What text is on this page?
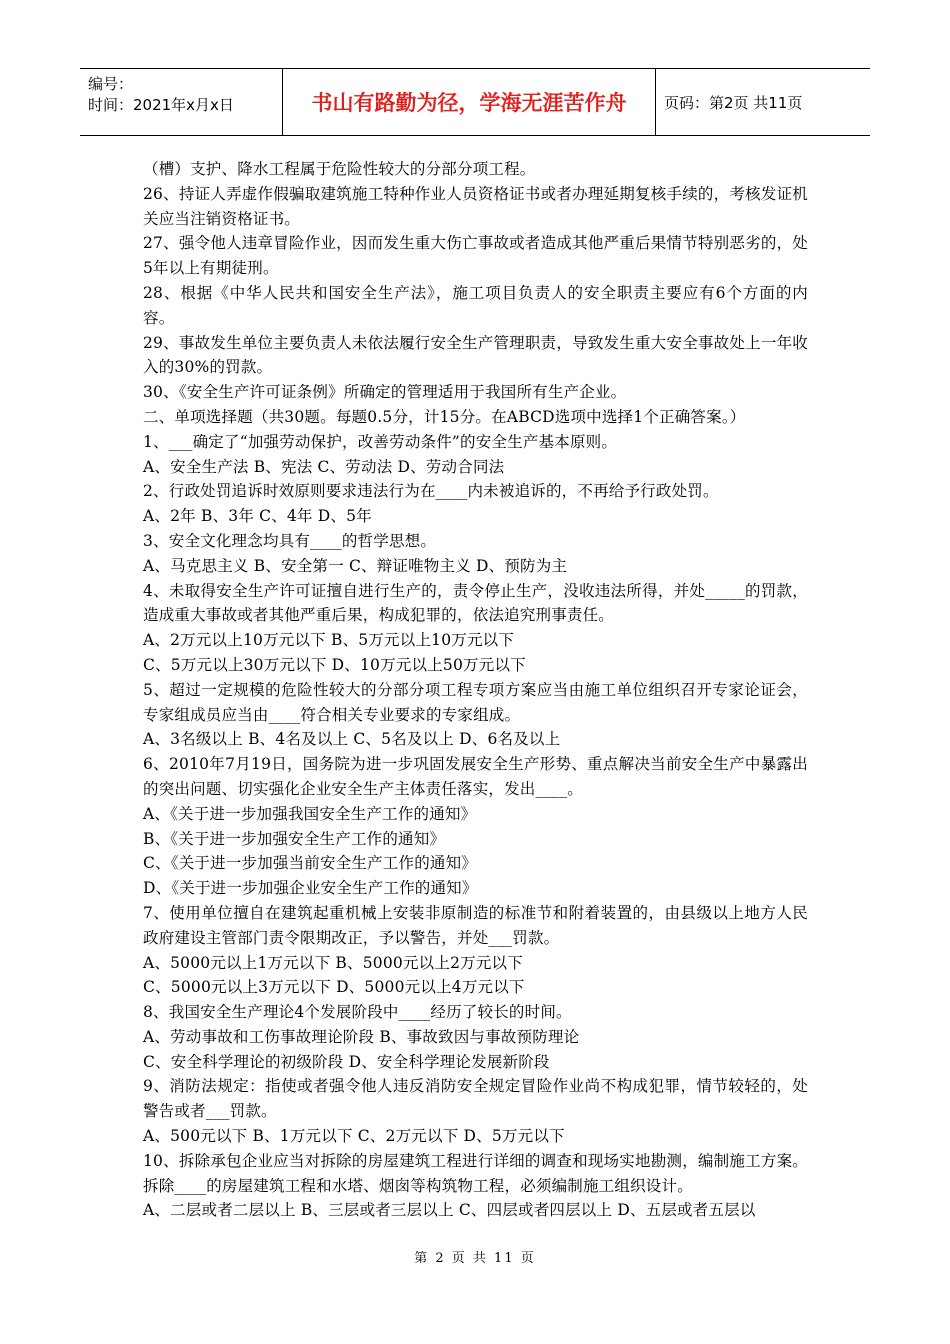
编号：
时间：2021年x月x日	书山有路勤为径，学海无涯苦作舟	页码：第2页 共11页

（槽）支护、降水工程属于危险性较大的分部分项工程。

26、持证人弄虚作假骗取建筑施工特种作业人员资格证书或者办理延期复核手续的，考核发证机关应当注销资格证书。

27、强令他人违章冒险作业，因而发生重大伤亡事故或者造成其他严重后果情节特别恶劣的，处5年以上有期徒刑。

28、根据《中华人民共和国安全生产法》，施工项目负责人的安全职责主要应有6个方面的内容。

29、事故发生单位主要负责人未依法履行安全生产管理职责，导致发生重大安全事故处上一年收入的30%的罚款。

30、《安全生产许可证条例》所确定的管理适用于我国所有生产企业。

二、单项选择题（共30题。每题0.5分，计15分。在ABCD选项中选择1个正确答案。）

1、___确定了“加强劳动保护，改善劳动条件”的安全生产基本原则。

A、安全生产法 B、宪法 C、劳动法 D、劳动合同法

2、行政处罚追诉时效原则要求违法行为在____内未被追诉的，不再给予行政处罚。

A、2年 B、3年 C、4年 D、5年

3、安全文化理念均具有____的哲学思想。

A、马克思主义 B、安全第一 C、辩证唯物主义 D、预防为主

4、未取得安全生产许可证擅自进行生产的，责令停止生产，没收违法所得，并处_____的罚款，造成重大事故或者其他严重后果，构成犯罪的，依法追究刑事责任。

A、2万元以上10万元以下 B、5万元以上10万元以下

C、5万元以上30万元以下 D、10万元以上50万元以下

5、超过一定规模的危险性较大的分部分项工程专项方案应当由施工单位组织召开专家论证会，专家组成员应当由____符合相关专业要求的专家组成。

A、3名级以上 B、4名及以上 C、5名及以上 D、6名及以上

6、2010年7月19日，国务院为进一步巩固发展安全生产形势、重点解决当前安全生产中暴露出的突出问题、切实强化企业安全生产主体责任落实，发出____。

A、《关于进一步加强我国安全生产工作的通知》

B、《关于进一步加强安全生产工作的通知》

C、《关于进一步加强当前安全生产工作的通知》

D、《关于进一步加强企业安全生产工作的通知》

7、使用单位擅自在建筑起重机械上安装非原制造的标准节和附着装置的，由县级以上地方人民政府建设主管部门责令限期改正，予以警告，并处___罚款。

A、5000元以上1万元以下 B、5000元以上2万元以下

C、5000元以上3万元以下 D、5000元以上4万元以下

8、我国安全生产理论4个发展阶段中____经历了较长的时间。

A、劳动事故和工伤事故理论阶段 B、事故致因与事故预防理论

C、安全科学理论的初级阶段 D、安全科学理论发展新阶段

9、消防法规定：指使或者强令他人违反消防安全规定冒险作业尚不构成犯罪，情节较轻的，处警告或者___罚款。

A、500元以下 B、1万元以下 C、2万元以下 D、5万元以下

10、拆除承包企业应当对拆除的房屋建筑工程进行详细的调查和现场实地勘测，编制施工方案。拆除____的房屋建筑工程和水塔、烟囱等构筑物工程，必须编制施工组织设计。

A、二层或者二层以上 B、三层或者三层以上 C、四层或者四层以上 D、五层或者五层以

第 2 页 共 11 页
